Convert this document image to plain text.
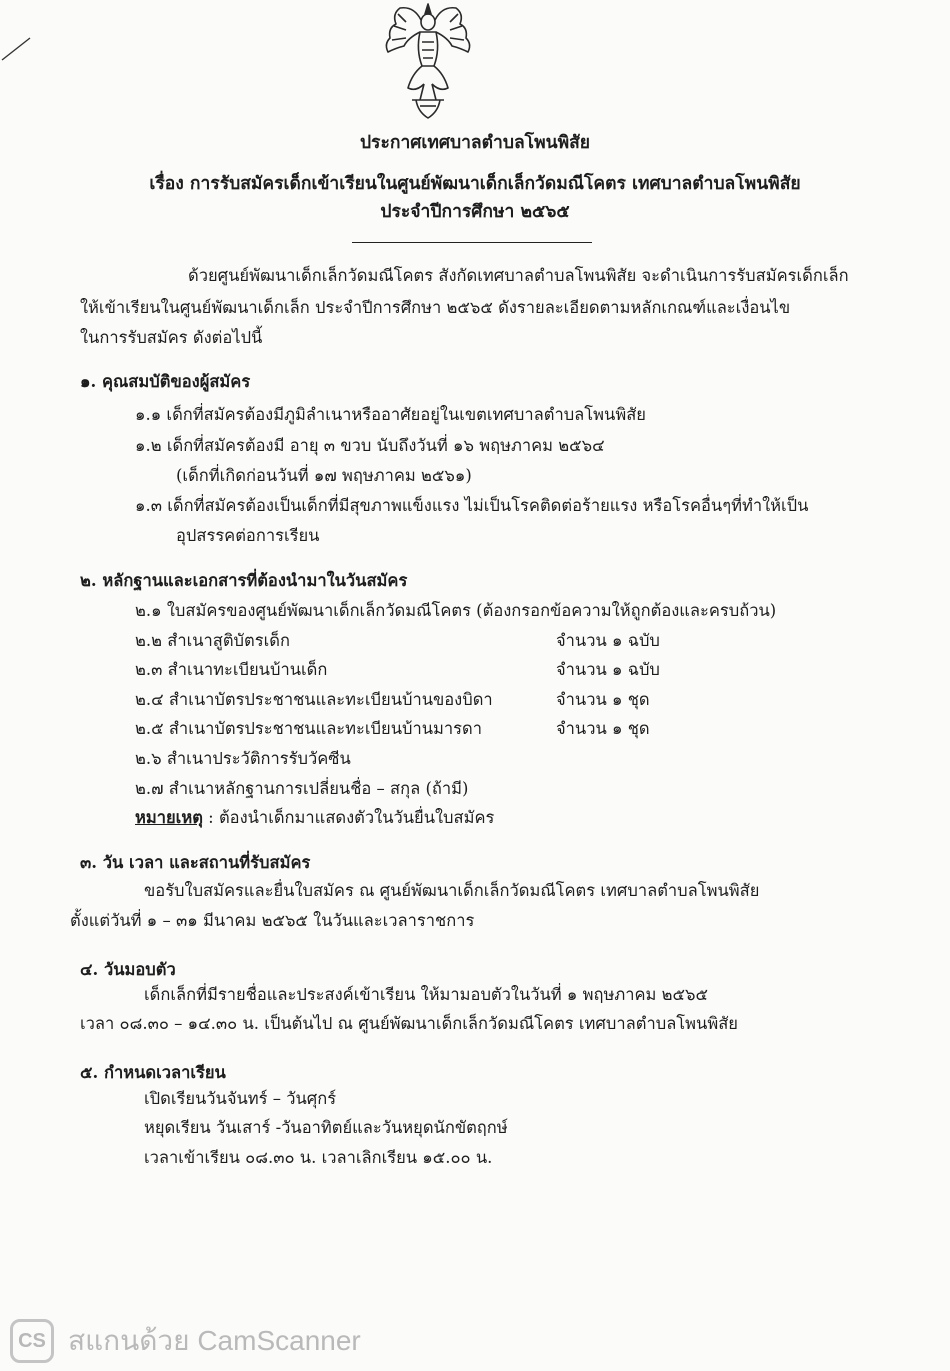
ประกาศเทศบาลตำบลโพนพิสัย
เรื่อง การรับสมัครเด็กเข้าเรียนในศูนย์พัฒนาเด็กเล็กวัดมณีโคตร เทศบาลตำบลโพนพิสัย
ประจำปีการศึกษา ๒๕๖๕
ด้วยศูนย์พัฒนาเด็กเล็กวัดมณีโคตร สังกัดเทศบาลตำบลโพนพิสัย จะดำเนินการรับสมัครเด็กเล็ก
ให้เข้าเรียนในศูนย์พัฒนาเด็กเล็ก ประจำปีการศึกษา ๒๕๖๕ ดังรายละเอียดตามหลักเกณฑ์และเงื่อนไข
ในการรับสมัคร ดังต่อไปนี้
๑. คุณสมบัติของผู้สมัคร
๑.๑ เด็กที่สมัครต้องมีภูมิลำเนาหรืออาศัยอยู่ในเขตเทศบาลตำบลโพนพิสัย
๑.๒ เด็กที่สมัครต้องมี อายุ ๓ ขวบ นับถึงวันที่ ๑๖ พฤษภาคม ๒๕๖๔
(เด็กที่เกิดก่อนวันที่ ๑๗ พฤษภาคม ๒๕๖๑)
๑.๓ เด็กที่สมัครต้องเป็นเด็กที่มีสุขภาพแข็งแรง ไม่เป็นโรคติดต่อร้ายแรง หรือโรคอื่นๆที่ทำให้เป็น
อุปสรรคต่อการเรียน
๒. หลักฐานและเอกสารที่ต้องนำมาในวันสมัคร
๒.๑ ใบสมัครของศูนย์พัฒนาเด็กเล็กวัดมณีโคตร (ต้องกรอกข้อความให้ถูกต้องและครบถ้วน)
๒.๒ สำเนาสูติบัตรเด็ก	จำนวน ๑ ฉบับ
๒.๓ สำเนาทะเบียนบ้านเด็ก	จำนวน ๑ ฉบับ
๒.๔ สำเนาบัตรประชาชนและทะเบียนบ้านของบิดา	จำนวน ๑ ชุด
๒.๕ สำเนาบัตรประชาชนและทะเบียนบ้านมารดา	จำนวน ๑ ชุด
๒.๖ สำเนาประวัติการรับวัคซีน
๒.๗ สำเนาหลักฐานการเปลี่ยนชื่อ – สกุล (ถ้ามี)
หมายเหตุ : ต้องนำเด็กมาแสดงตัวในวันยื่นใบสมัคร
๓. วัน เวลา และสถานที่รับสมัคร
ขอรับใบสมัครและยื่นใบสมัคร ณ ศูนย์พัฒนาเด็กเล็กวัดมณีโคตร เทศบาลตำบลโพนพิสัย
ตั้งแต่วันที่ ๑ – ๓๑ มีนาคม ๒๕๖๕ ในวันและเวลาราชการ
๔. วันมอบตัว
เด็กเล็กที่มีรายชื่อและประสงค์เข้าเรียน ให้มามอบตัวในวันที่ ๑ พฤษภาคม ๒๕๖๕
เวลา ๐๘.๓๐ – ๑๔.๓๐ น. เป็นต้นไป ณ ศูนย์พัฒนาเด็กเล็กวัดมณีโคตร เทศบาลตำบลโพนพิสัย
๕. กำหนดเวลาเรียน
เปิดเรียนวันจันทร์ – วันศุกร์
หยุดเรียน วันเสาร์ -วันอาทิตย์และวันหยุดนักขัตฤกษ์
เวลาเข้าเรียน ๐๘.๓๐ น. เวลาเลิกเรียน ๑๕.๐๐ น.
CS สแกนด้วย CamScanner
